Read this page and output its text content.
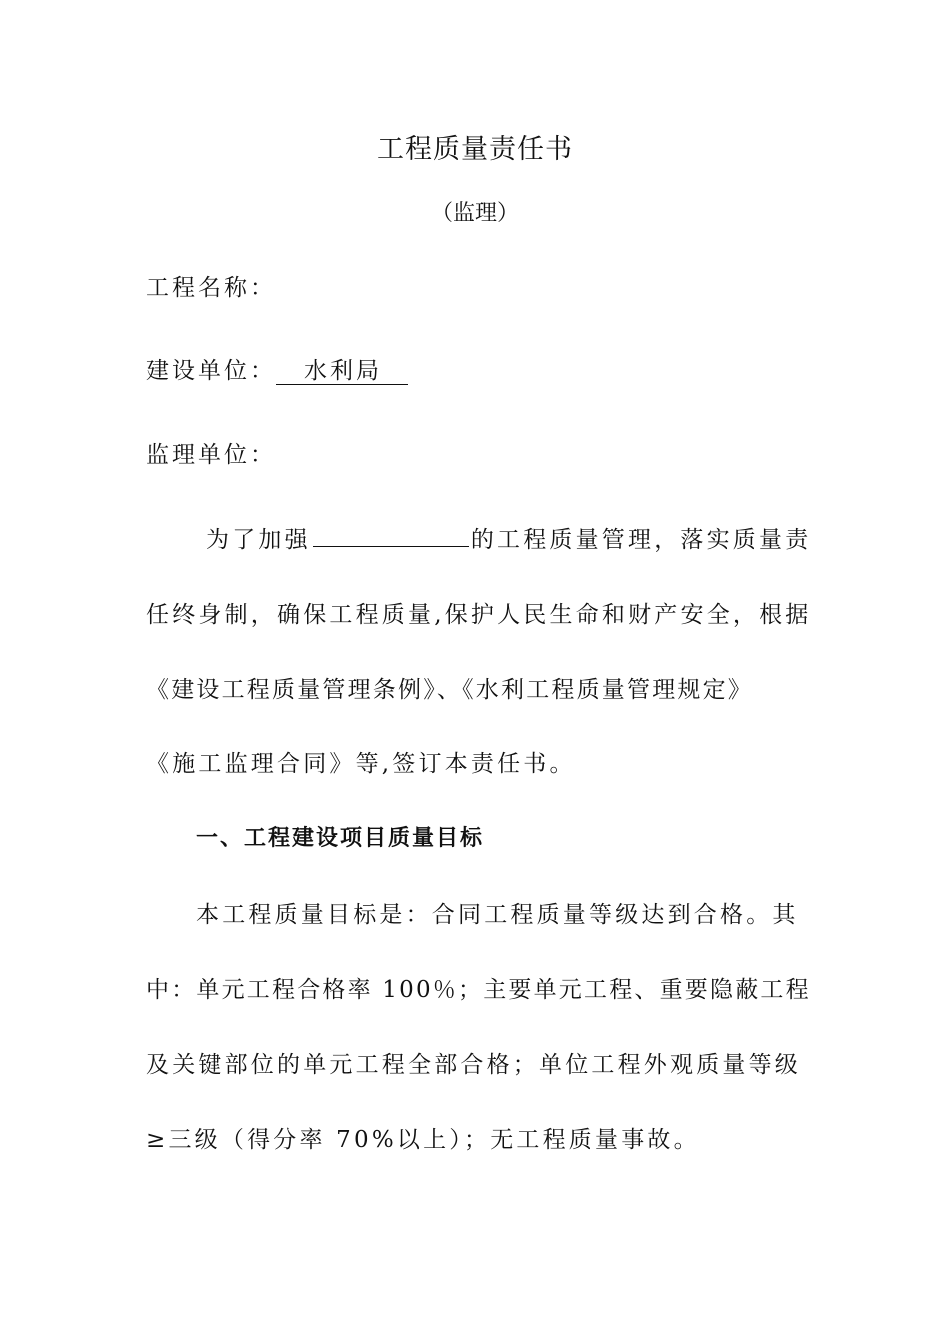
工程质量责任书
（监理）
工程名称：
建设单位： 水利局
监理单位：
为了加强	的工程质量管理，落实质量责
任终身制，确保工程质量,保护人民生命和财产安全，根据
《建设工程质量管理条例》、《水利工程质量管理规定》
《施工监理合同》等,签订本责任书。
一、工程建设项目质量目标
本工程质量目标是：合同工程质量等级达到合格。其
中：单元工程合格率 100％；主要单元工程、重要隐蔽工程
及关键部位的单元工程全部合格；单位工程外观质量等级
≥三级（得分率 70%以上）；无工程质量事故。
